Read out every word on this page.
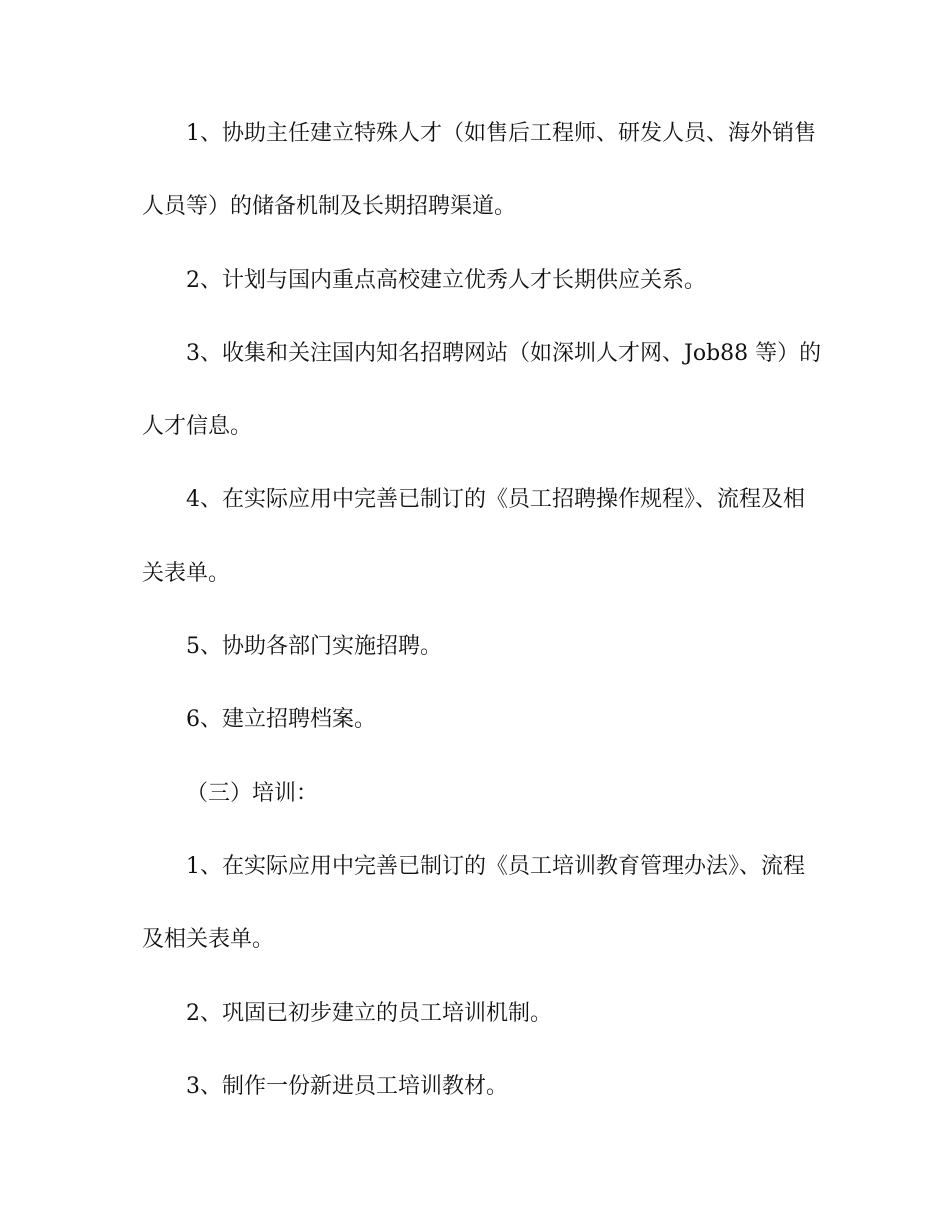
1、协助主任建立特殊人才（如售后工程师、研发人员、海外销售

人员等）的储备机制及长期招聘渠道。

2、计划与国内重点高校建立优秀人才长期供应关系。

3、收集和关注国内知名招聘网站（如深圳人才网、Job88 等）的

人才信息。

4、在实际应用中完善已制订的《员工招聘操作规程》、流程及相

关表单。

5、协助各部门实施招聘。

6、建立招聘档案。

（三）培训：

1、在实际应用中完善已制订的《员工培训教育管理办法》、流程

及相关表单。

2、巩固已初步建立的员工培训机制。

3、制作一份新进员工培训教材。
